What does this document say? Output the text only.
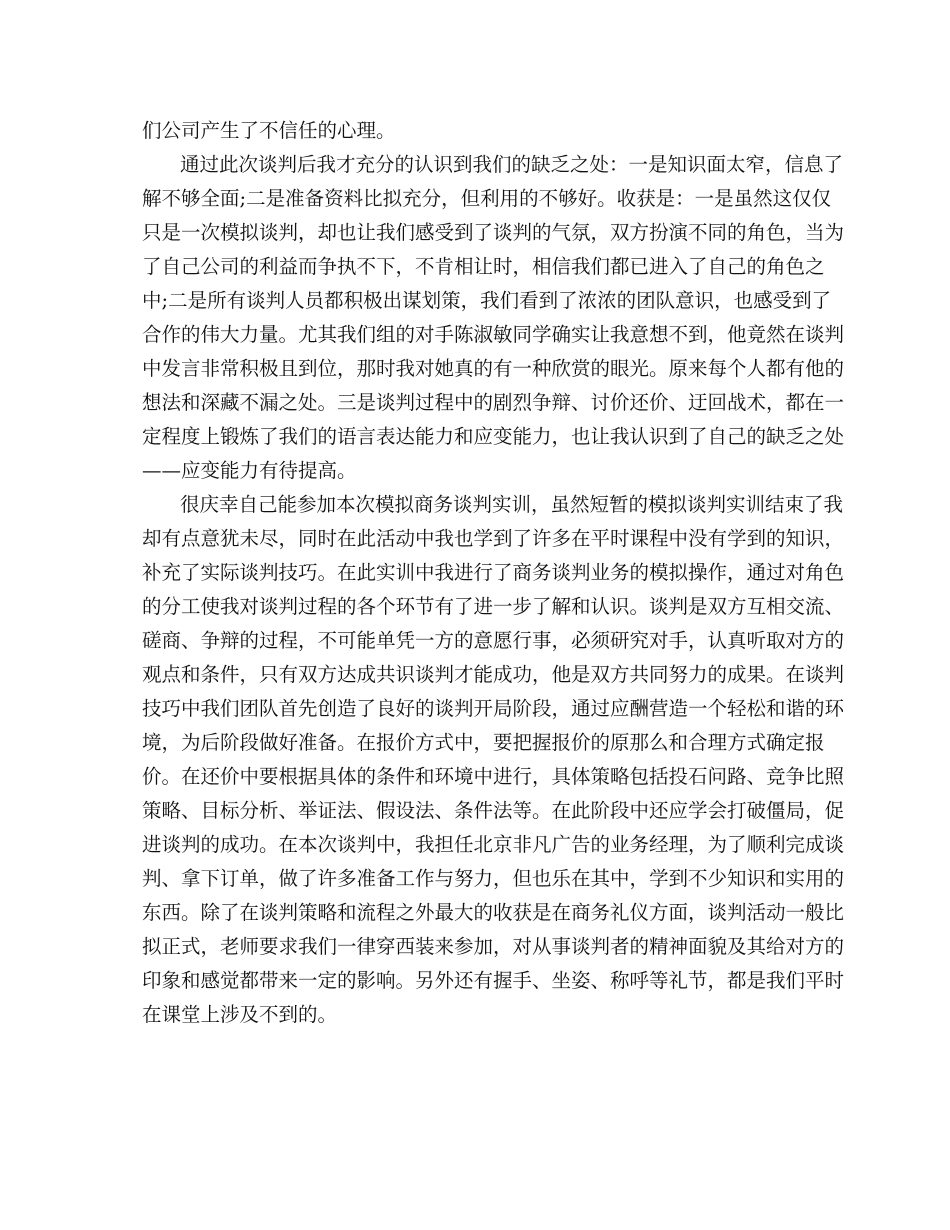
们公司产生了不信任的心理。

通过此次谈判后我才充分的认识到我们的缺乏之处：一是知识面太窄，信息了

解不够全面;二是准备资料比拟充分，但利用的不够好。收获是：一是虽然这仅仅

只是一次模拟谈判，却也让我们感受到了谈判的气氛，双方扮演不同的角色，当为

了自己公司的利益而争执不下，不肯相让时，相信我们都已进入了自己的角色之

中;二是所有谈判人员都积极出谋划策，我们看到了浓浓的团队意识，也感受到了

合作的伟大力量。尤其我们组的对手陈淑敏同学确实让我意想不到，他竟然在谈判

中发言非常积极且到位，那时我对她真的有一种欣赏的眼光。原来每个人都有他的

想法和深藏不漏之处。三是谈判过程中的剧烈争辩、讨价还价、迂回战术，都在一

定程度上锻炼了我们的语言表达能力和应变能力，也让我认识到了自己的缺乏之处

——应变能力有待提高。

很庆幸自己能参加本次模拟商务谈判实训，虽然短暂的模拟谈判实训结束了我

却有点意犹未尽，同时在此活动中我也学到了许多在平时课程中没有学到的知识，

补充了实际谈判技巧。在此实训中我进行了商务谈判业务的模拟操作，通过对角色

的分工使我对谈判过程的各个环节有了进一步了解和认识。谈判是双方互相交流、

磋商、争辩的过程，不可能单凭一方的意愿行事，必须研究对手，认真听取对方的

观点和条件，只有双方达成共识谈判才能成功，他是双方共同努力的成果。在谈判

技巧中我们团队首先创造了良好的谈判开局阶段，通过应酬营造一个轻松和谐的环

境，为后阶段做好准备。在报价方式中，要把握报价的原那么和合理方式确定报

价。在还价中要根据具体的条件和环境中进行，具体策略包括投石问路、竞争比照

策略、目标分析、举证法、假设法、条件法等。在此阶段中还应学会打破僵局，促

进谈判的成功。在本次谈判中，我担任北京非凡广告的业务经理，为了顺利完成谈

判、拿下订单，做了许多准备工作与努力，但也乐在其中，学到不少知识和实用的

东西。除了在谈判策略和流程之外最大的收获是在商务礼仪方面，谈判活动一般比

拟正式，老师要求我们一律穿西装来参加，对从事谈判者的精神面貌及其给对方的

印象和感觉都带来一定的影响。另外还有握手、坐姿、称呼等礼节，都是我们平时

在课堂上涉及不到的。
